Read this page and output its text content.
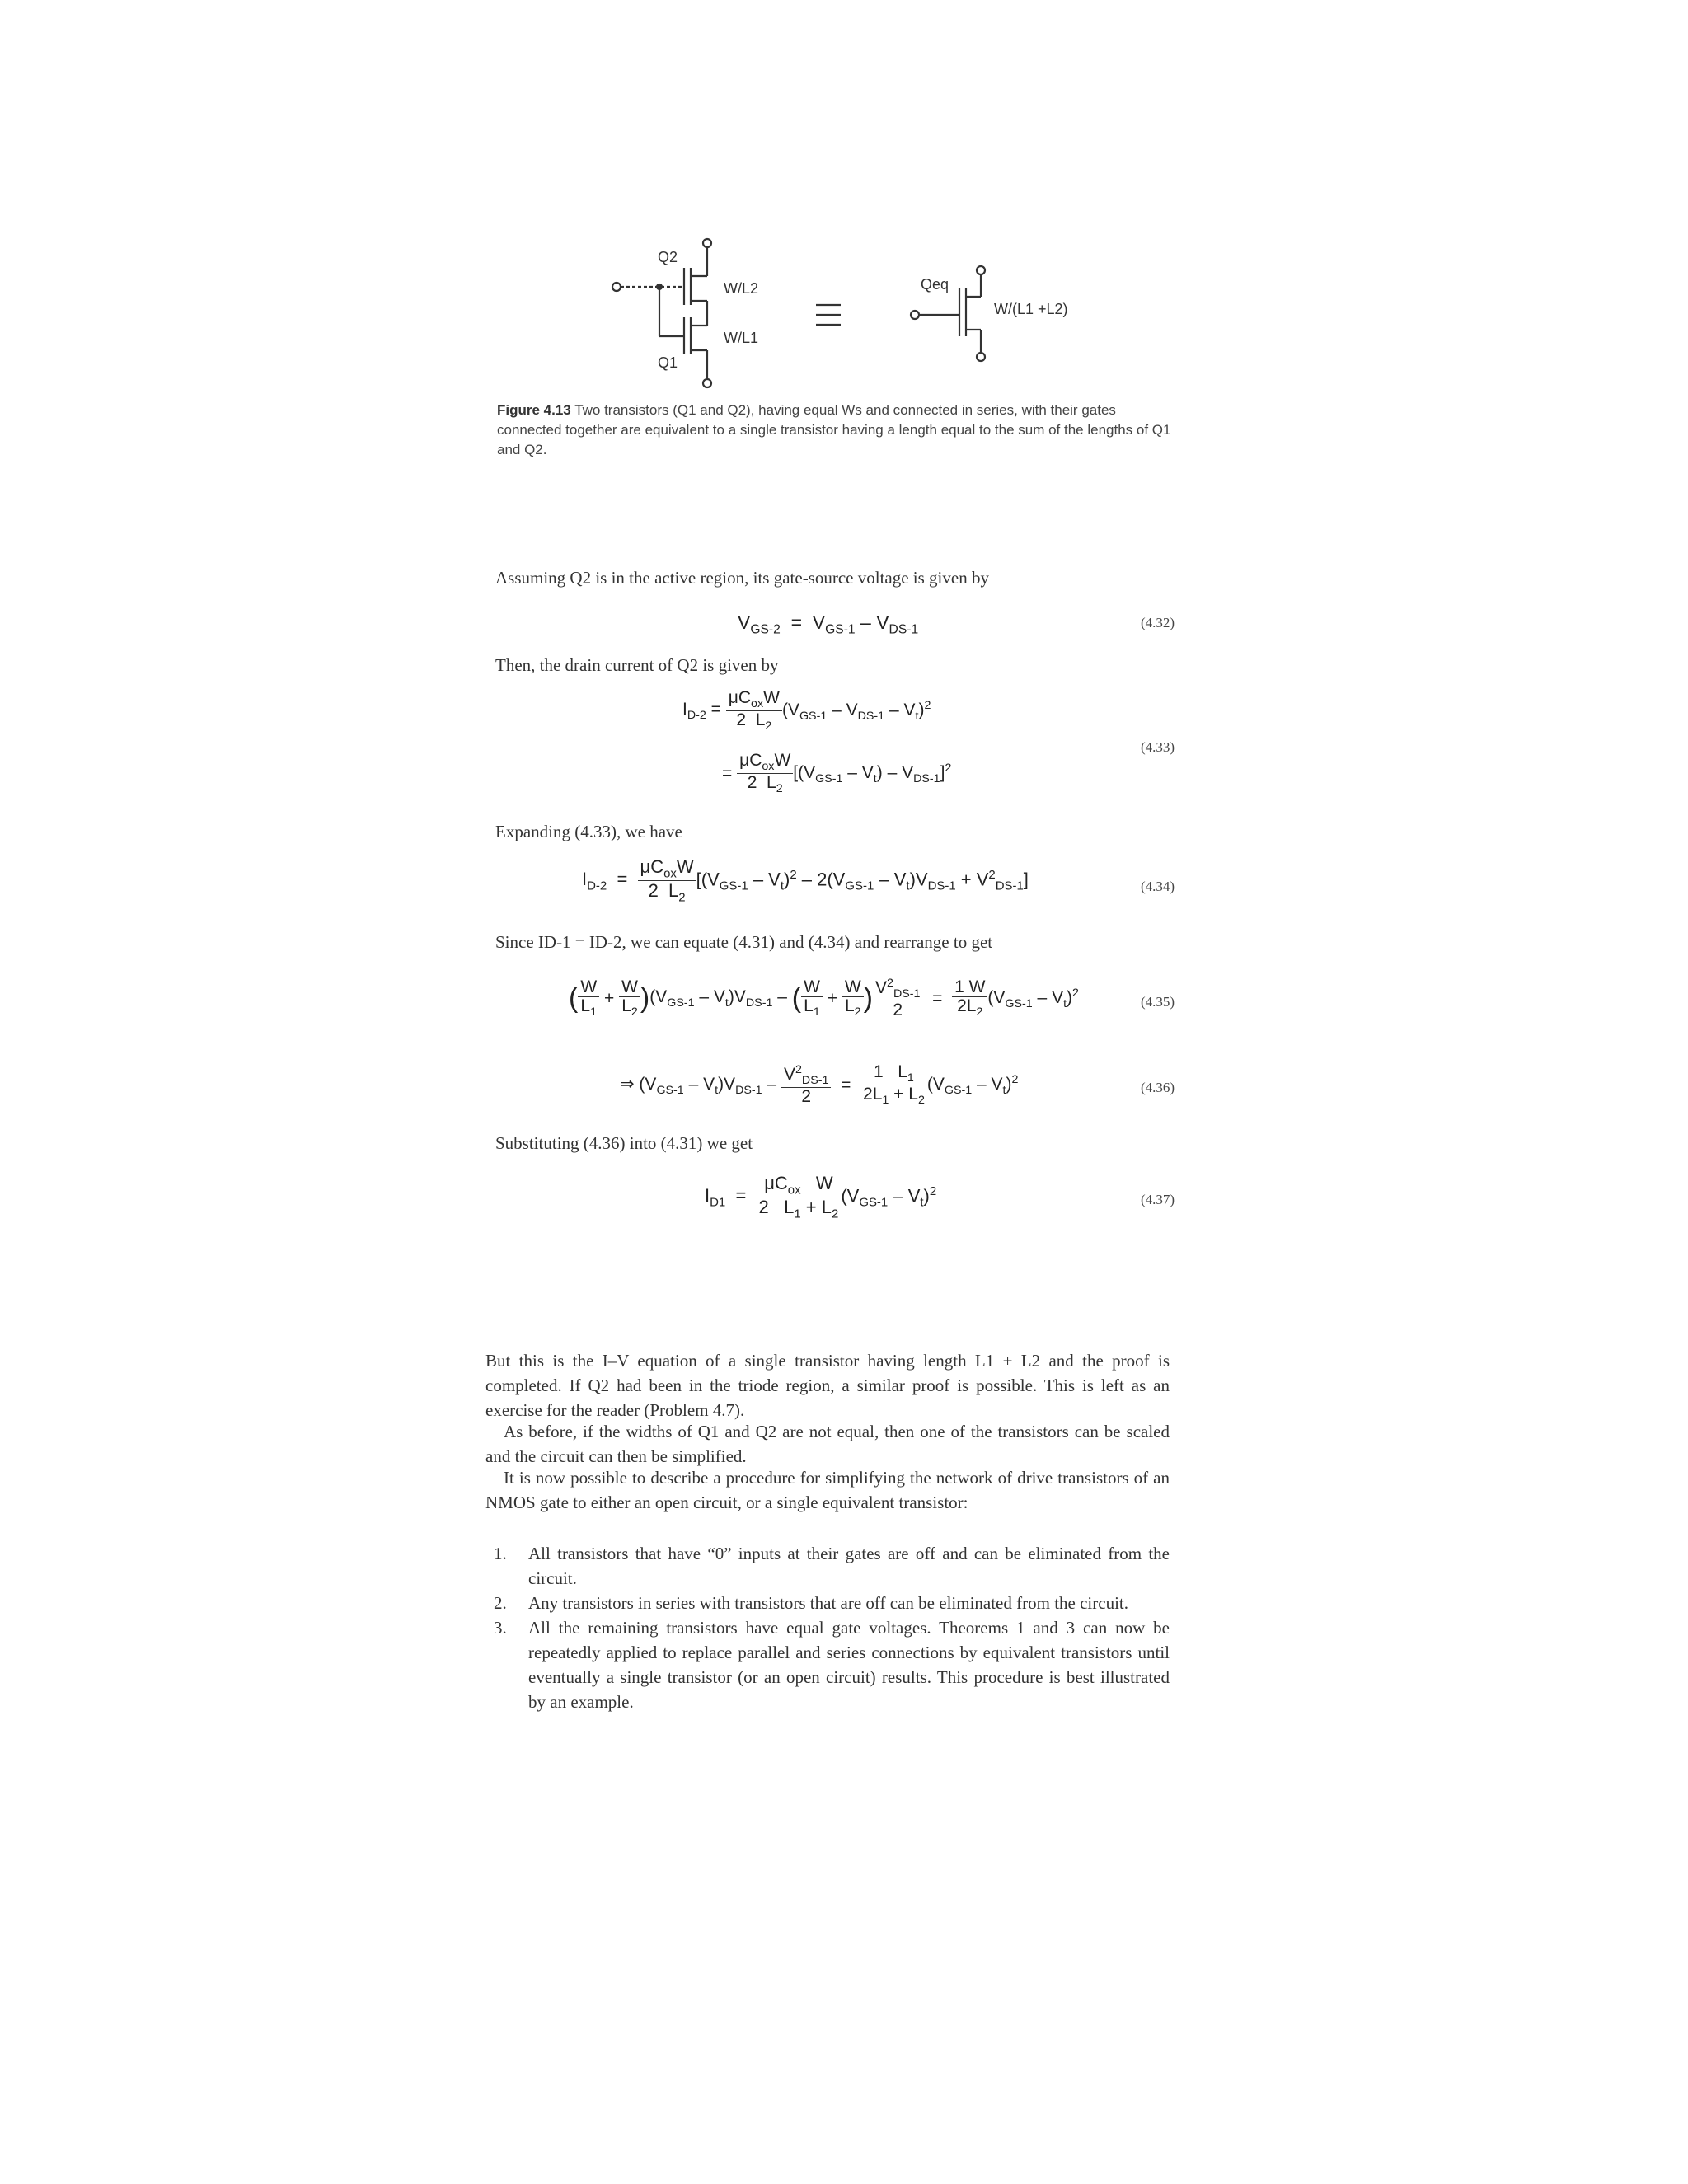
Q2
Q1
W/L2
W/L1
Qeq
W/(L1 +L2)
Figure 4.13 Two transistors (Q1 and Q2), having equal Ws and connected in series, with their gates connected together are equivalent to a single transistor having a length equal to the sum of the lengths of Q1 and Q2.
Assuming Q2 is in the active region, its gate-source voltage is given by
$V_{GS-2} = V_{GS-1} - V_{DS-1}$	(4.32)
Then, the drain current of Q2 is given by
$I_{D-2} = \frac{\mu C_{ox}W}{2 L_2} (V_{GS-1} - V_{DS-1} - V_t)^2$
= $\frac{\mu C_{ox}W}{2 L_2} [(V_{GS-1} - V_t) - V_{DS-1}]^2$
(4.33)
Expanding (4.33), we have
$I_{D-2} = \frac{\mu C_{ox}W}{2 L_2} [(V_{GS-1} - V_t)^2 - 2(V_{GS-1} - V_t)V_{DS-1} + V^2_{DS-1}]$	(4.34)
Since ID-1 = ID-2, we can equate (4.31) and (4.34) and rearrange to get
( $\frac{W}{L_1} + \frac{W}{L_2}$ ) $(V_{GS-1} - V_t)V_{DS-1}$ – ( $\frac{W}{L_1} + \frac{W}{L_2}$ ) $\frac{V^2_{DS-1}}{2} = \frac{1 W}{2L_2} (V_{GS-1} - V_t)^2$
(4.35)
⇒ $(V_{GS-1} - V_t)V_{DS-1} - \frac{V^2_{DS-1}}{2} = \frac{1 L_1}{2L_1 + L_2} (V_{GS-1} - V_t)^2$	(4.36)
Substituting (4.36) into (4.31) we get
$I_{D1} = \frac{\mu C_{ox} W}{2 L_1 + L_2} (V_{GS-1} - V_t)^2$
(4.37)
But this is the I–V equation of a single transistor having length L1 + L2 and the proof is completed. If Q2 had been in the triode region, a similar proof is possible. This is left as an exercise for the reader (Problem 4.7).
As before, if the widths of Q1 and Q2 are not equal, then one of the transistors can be scaled and the circuit can then be simplified.
It is now possible to describe a procedure for simplifying the network of drive transistors of an NMOS gate to either an open circuit, or a single equivalent transistor:
1. All transistors that have “0” inputs at their gates are off and can be eliminated from the circuit.
2. Any transistors in series with transistors that are off can be eliminated from the circuit.
3. All the remaining transistors have equal gate voltages. Theorems 1 and 3 can now be repeatedly applied to replace parallel and series connections by equivalent transistors until eventually a single transistor (or an open circuit) results. This procedure is best illustrated by an example.
